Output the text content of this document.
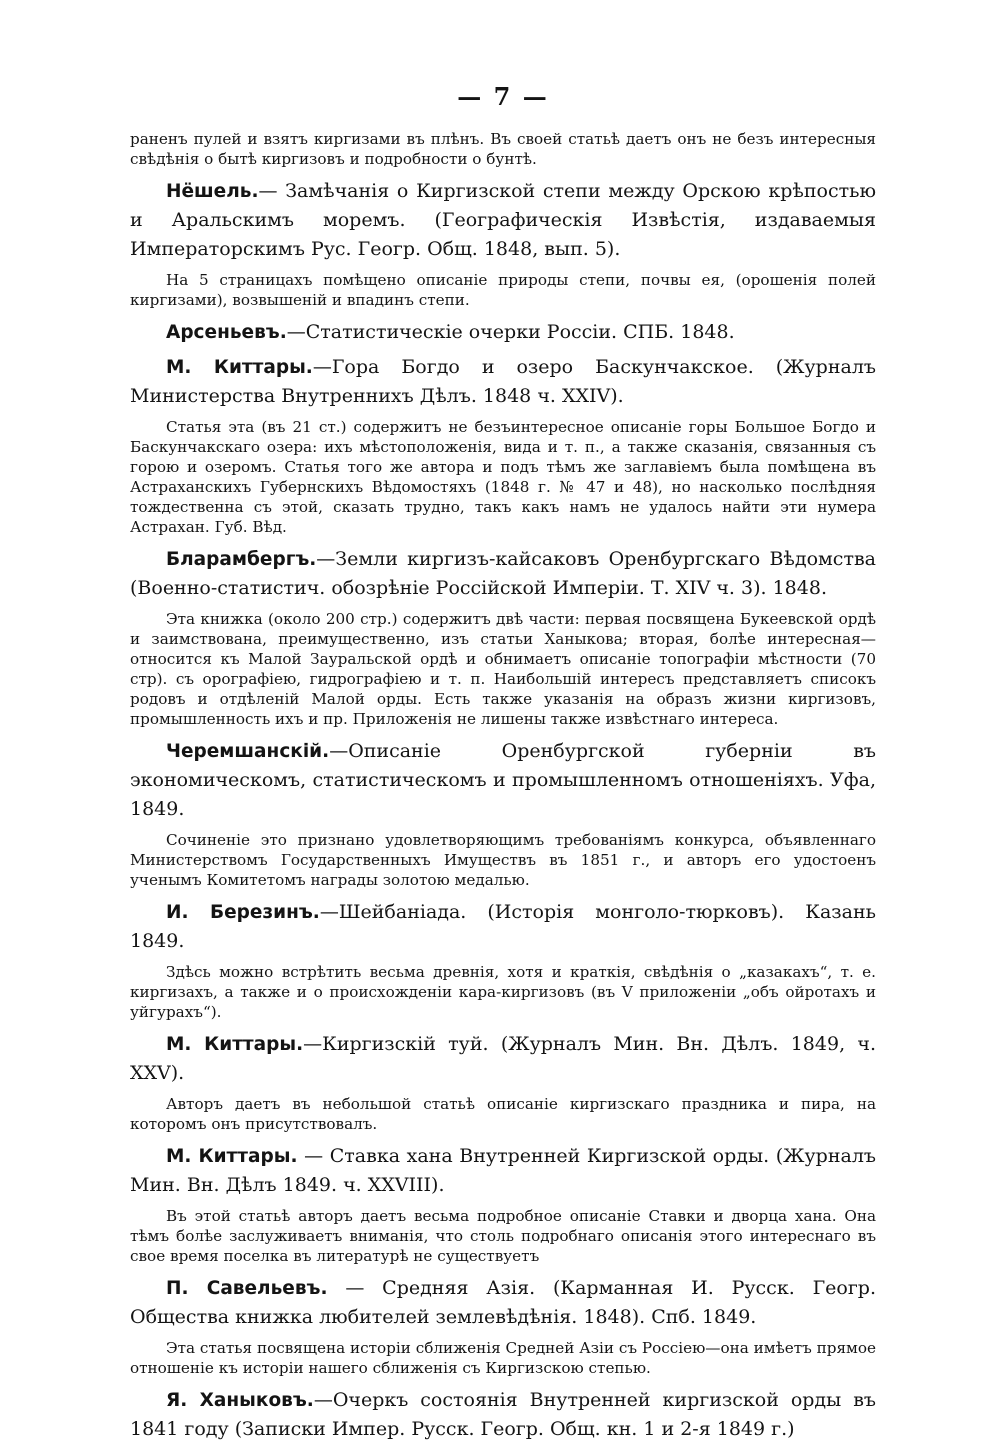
— 7 —

раненъ пулей и взятъ киргизами въ плѣнъ. Въ своей статьѣ даетъ онъ не безъ интересныя свѣдѣнія о бытѣ киргизовъ и подробности о бунтѣ.

Нёшель.— Замѣчанія о Киргизской степи между Орскою крѣпостью и Аральскимъ моремъ. (Географическія Извѣстія, издаваемыя Императорскимъ Рус. Геогр. Общ. 1848, вып. 5).

На 5 страницахъ помѣщено описаніе природы степи, почвы ея, (орошенія полей киргизами), возвышеній и впадинъ степи.

Арсеньевъ.—Статистическіе очерки Россіи. СПБ. 1848.

М. Киттары.—Гора Богдо и озеро Баскунчакское. (Журналъ Министерства Внутреннихъ Дѣлъ. 1848 ч. XXIV).

Статья эта (въ 21 ст.) содержитъ не безъинтересное описаніе горы Большое Богдо и Баскунчакскаго озера: ихъ мѣстоположенія, вида и т. п., а также сказанія, связанныя съ горою и озеромъ. Статья того же автора и подъ тѣмъ же заглавіемъ была помѣщена въ Астраханскихъ Губернскихъ Вѣдомостяхъ (1848 г. № 47 и 48), но насколько послѣдняя тождественна съ этой, сказать трудно, такъ какъ намъ не удалось найти эти нумера Астрахан. Губ. Вѣд.

Бларамбергъ.—Земли киргизъ-кайсаковъ Оренбургскаго Вѣдомства (Военно-статистич. обозрѣніе Россійской Имперіи. Т. XIV ч. 3). 1848.

Эта книжка (около 200 стр.) содержитъ двѣ части: первая посвящена Букеевской ордѣ и заимствована, преимущественно, изъ статьи Ханыкова; вторая, болѣе интересная—относится къ Малой Зауральской ордѣ и обнимаетъ описаніе топографіи мѣстности (70 стр). съ орографіею, гидрографіею и т. п. Наибольшій интересъ представляетъ списокъ родовъ и отдѣленій Малой орды. Есть также указанія на образъ жизни киргизовъ, промышленность ихъ и пр. Приложенія не лишены также извѣстнаго интереса.

Черемшанскій.—Описаніе Оренбургской губерніи въ экономическомъ, статистическомъ и промышленномъ отношеніяхъ. Уфа, 1849.

Сочиненіе это признано удовлетворяющимъ требованіямъ конкурса, объявленнаго Министерствомъ Государственныхъ Имуществъ въ 1851 г., и авторъ его удостоенъ ученымъ Комитетомъ награды золотою медалью.

И. Березинъ.—Шейбаніада. (Исторія монголо-тюрковъ). Казань 1849.

Здѣсь можно встрѣтить весьма древнія, хотя и краткія, свѣдѣнія о „казакахъ“, т. е. киргизахъ, а также и о происхожденіи кара-киргизовъ (въ V приложеніи „объ ойротахъ и уйгурахъ“).

М. Киттары.—Киргизскій туй. (Журналъ Мин. Вн. Дѣлъ. 1849, ч. XXV).

Авторъ даетъ въ небольшой статьѣ описаніе киргизскаго праздника и пира, на которомъ онъ присутствовалъ.

М. Киттары. — Ставка хана Внутренней Киргизской орды. (Журналъ Мин. Вн. Дѣлъ 1849. ч. XXVIII).

Въ этой статьѣ авторъ даетъ весьма подробное описаніе Ставки и дворца хана. Она тѣмъ болѣе заслуживаетъ вниманія, что столь подробнаго описанія этого интереснаго въ свое время поселка въ литературѣ не существуетъ

П. Савельевъ. — Средняя Азія. (Карманная И. Русск. Геогр. Общества книжка любителей землевѣдѣнія. 1848). Спб. 1849.

Эта статья посвящена исторіи сближенія Средней Азіи съ Россіею—она имѣетъ прямое отношеніе къ исторіи нашего сближенія съ Киргизскою степью.

Я. Ханыковъ.—Очеркъ состоянія Внутренней киргизской орды въ 1841 году (Записки Импер. Русск. Геогр. Общ. кн. 1 и 2-я 1849 г.)
